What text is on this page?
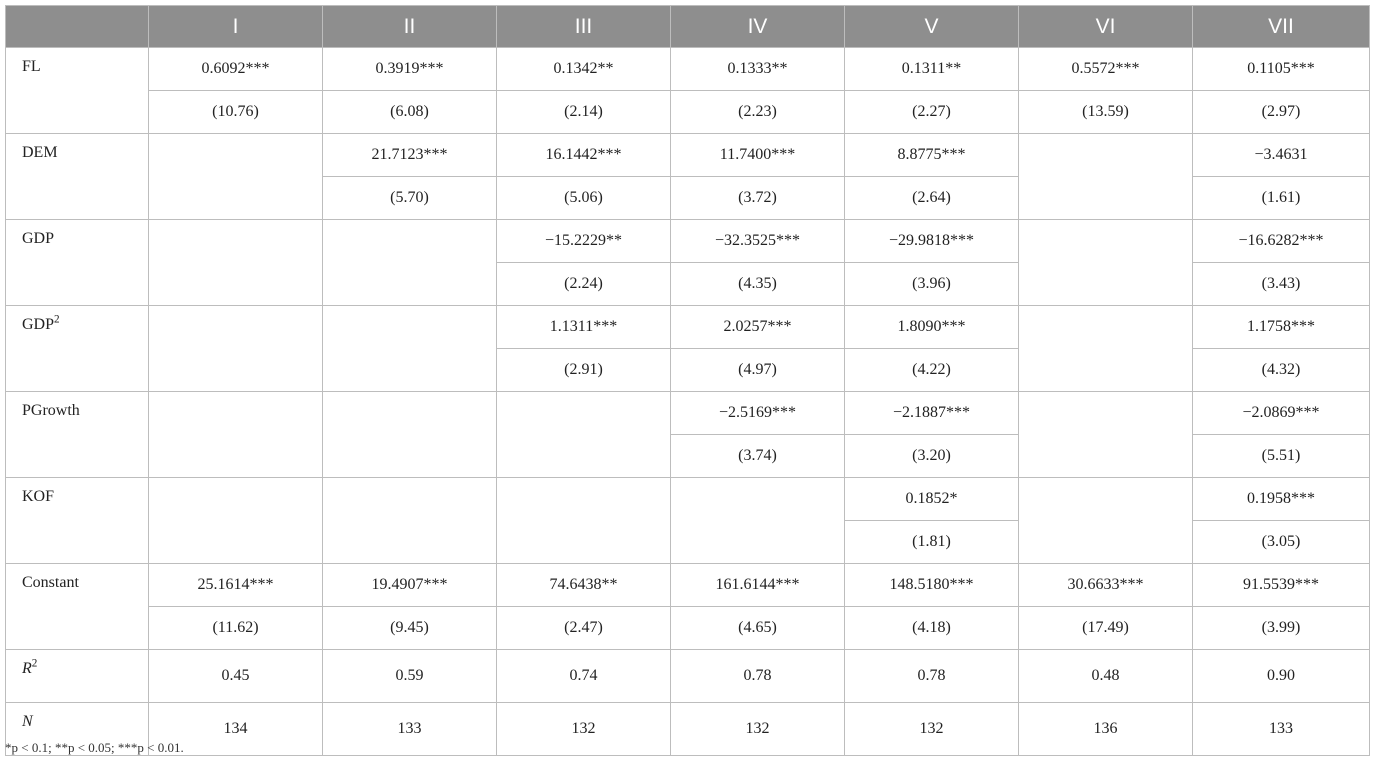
	I	II	III	IV	V	VI	VII
FL	0.6092***	0.3919***	0.1342**	0.1333**	0.1311**	0.5572***	0.1105***
	(10.76)	(6.08)	(2.14)	(2.23)	(2.27)	(13.59)	(2.97)
DEM		21.7123***	16.1442***	11.7400***	8.8775***		−3.4631
		(5.70)	(5.06)	(3.72)	(2.64)		(1.61)
GDP			−15.2229**	−32.3525***	−29.9818***		−16.6282***
			(2.24)	(4.35)	(3.96)		(3.43)
GDP$^2$			1.1311***	2.0257***	1.8090***		1.1758***
			(2.91)	(4.97)	(4.22)		(4.32)
PGrowth				−2.5169***	−2.1887***		−2.0869***
				(3.74)	(3.20)		(5.51)
KOF					0.1852*		0.1958***
					(1.81)		(3.05)
Constant	25.1614***	19.4907***	74.6438**	161.6144***	148.5180***	30.6633***	91.5539***
	(11.62)	(9.45)	(2.47)	(4.65)	(4.18)	(17.49)	(3.99)
$R^2$	0.45	0.59	0.74	0.78	0.78	0.48	0.90
N	134	133	132	132	132	136	133
*p < 0.1; **p < 0.05; ***p < 0.01.
